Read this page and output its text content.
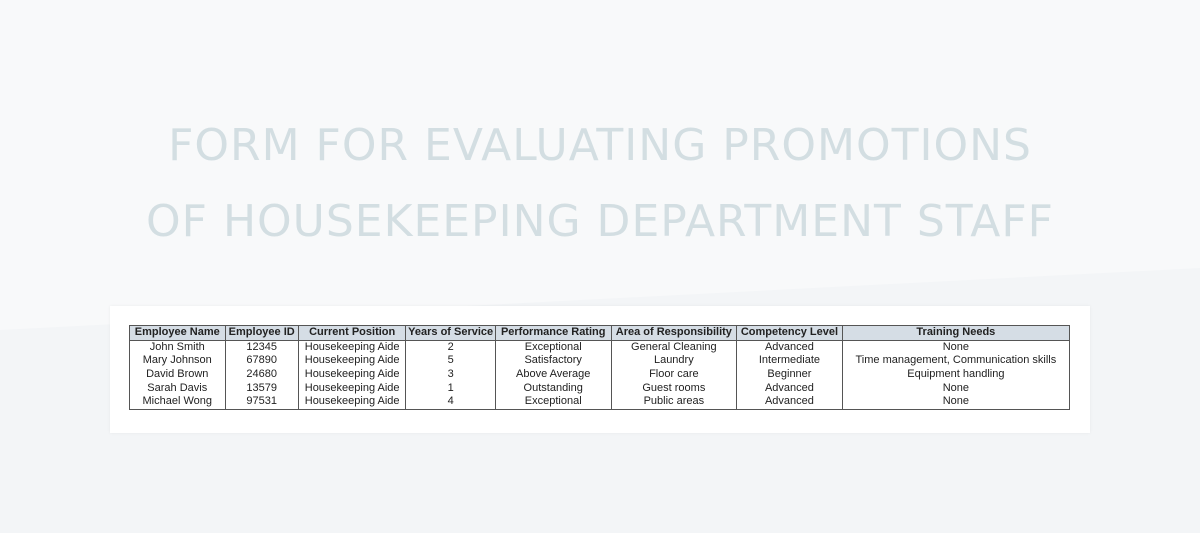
FORM FOR EVALUATING PROMOTIONS
OF HOUSEKEEPING DEPARTMENT STAFF
Employee Name	Employee ID	Current Position	Years of Service	Performance Rating	Area of Responsibility	Competency Level	Training Needs
John Smith	12345	Housekeeping Aide	2	Exceptional	General Cleaning	Advanced	None
Mary Johnson	67890	Housekeeping Aide	5	Satisfactory	Laundry	Intermediate	Time management, Communication skills
David Brown	24680	Housekeeping Aide	3	Above Average	Floor care	Beginner	Equipment handling
Sarah Davis	13579	Housekeeping Aide	1	Outstanding	Guest rooms	Advanced	None
Michael Wong	97531	Housekeeping Aide	4	Exceptional	Public areas	Advanced	None
